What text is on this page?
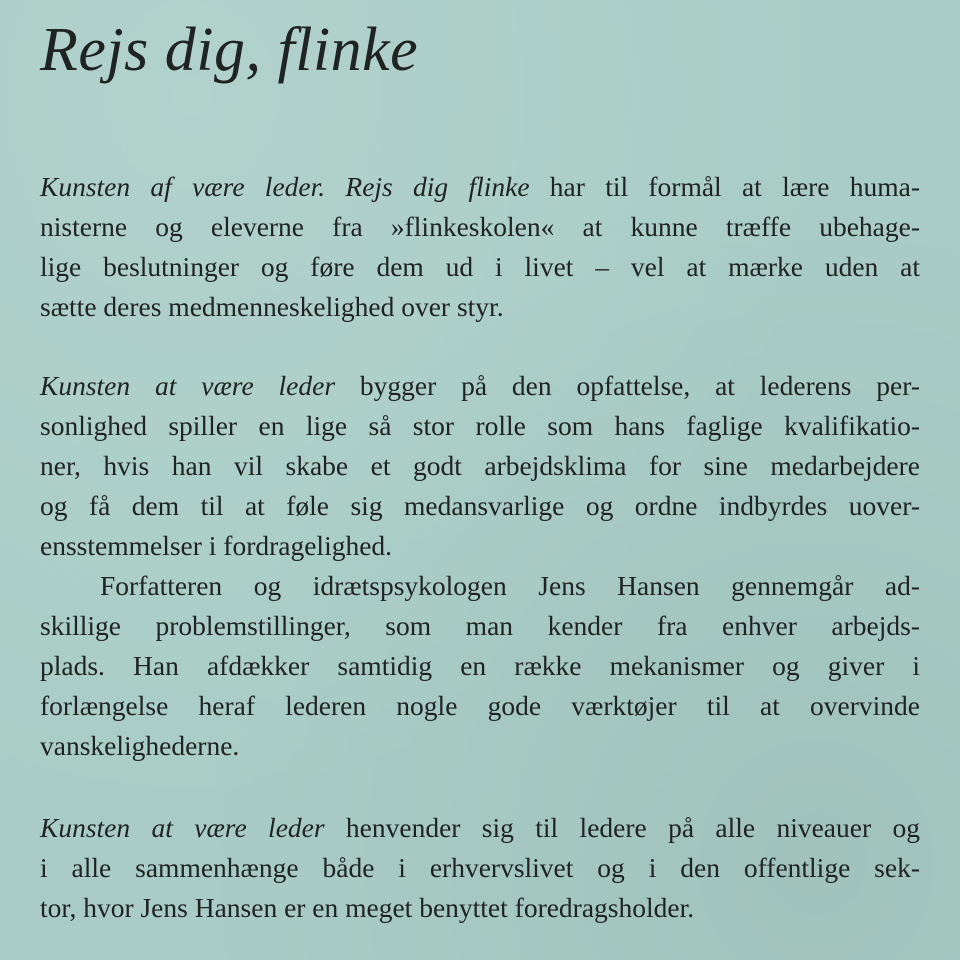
Rejs dig, flinke

Kunsten af være leder. Rejs dig flinke har til formål at lære huma-
nisterne og eleverne fra »flinkeskolen« at kunne træffe ubehage-
lige beslutninger og føre dem ud i livet – vel at mærke uden at
sætte deres medmenneskelighed over styr.

Kunsten at være leder bygger på den opfattelse, at lederens per-
sonlighed spiller en lige så stor rolle som hans faglige kvalifikatio-
ner, hvis han vil skabe et godt arbejdsklima for sine medarbejdere
og få dem til at føle sig medansvarlige og ordne indbyrdes uover-
ensstemmelser i fordragelighed.

Forfatteren og idrætspsykologen Jens Hansen gennemgår ad-
skillige problemstillinger, som man kender fra enhver arbejds-
plads. Han afdækker samtidig en række mekanismer og giver i
forlængelse heraf lederen nogle gode værktøjer til at overvinde
vanskelighederne.

Kunsten at være leder henvender sig til ledere på alle niveauer og
i alle sammenhænge både i erhvervslivet og i den offentlige sek-
tor, hvor Jens Hansen er en meget benyttet foredragsholder.
